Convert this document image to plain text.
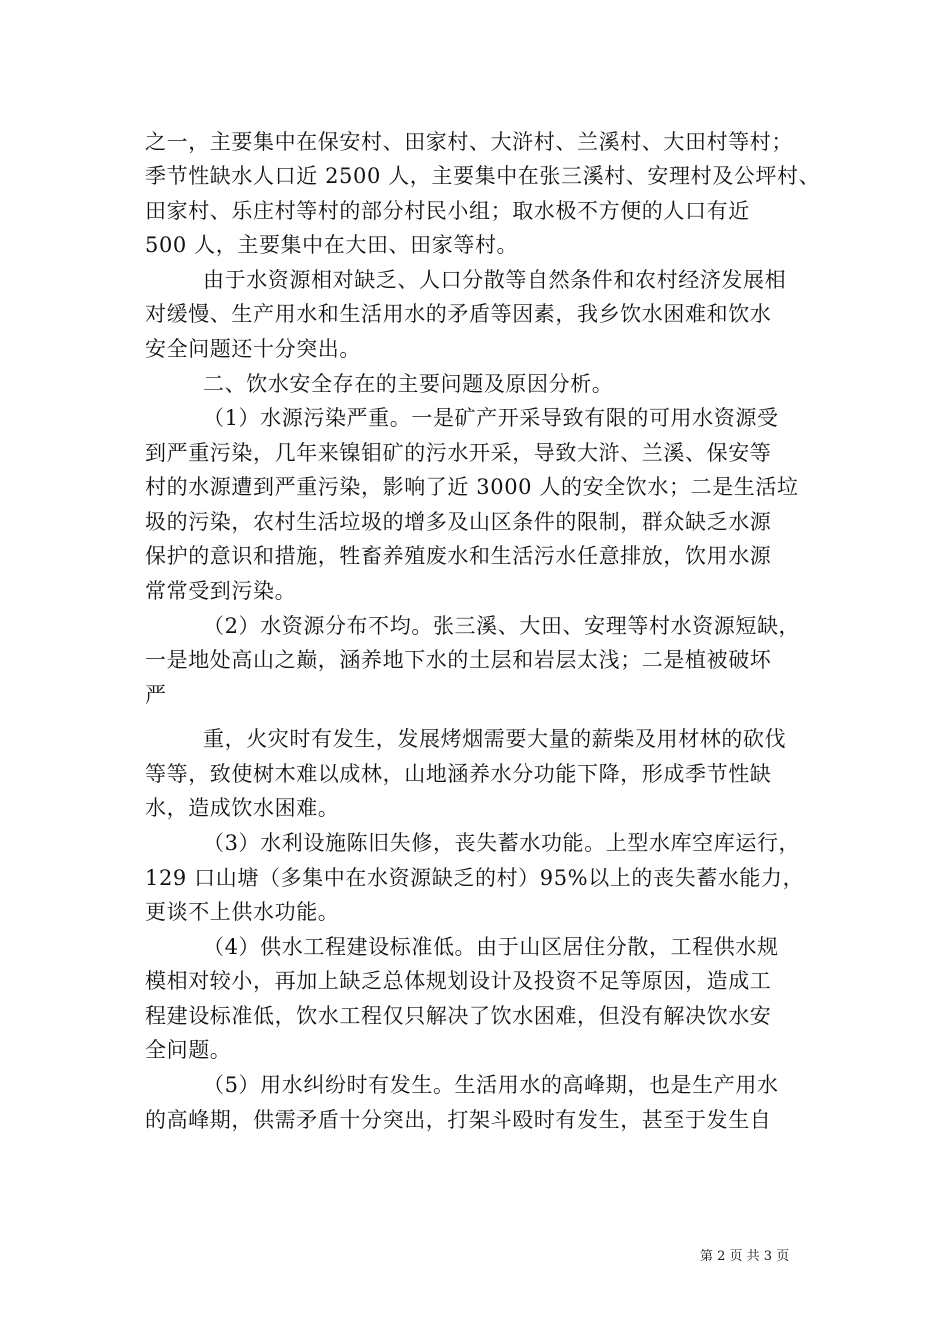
之一，主要集中在保安村、田家村、大浒村、兰溪村、大田村等村；
季节性缺水人口近 2500 人，主要集中在张三溪村、安理村及公坪村、
田家村、乐庄村等村的部分村民小组；取水极不方便的人口有近
500 人，主要集中在大田、田家等村。
由于水资源相对缺乏、人口分散等自然条件和农村经济发展相
对缓慢、生产用水和生活用水的矛盾等因素，我乡饮水困难和饮水
安全问题还十分突出。
二、饮水安全存在的主要问题及原因分析。
（1）水源污染严重。一是矿产开采导致有限的可用水资源受
到严重污染，几年来镍钼矿的污水开采，导致大浒、兰溪、保安等
村的水源遭到严重污染，影响了近 3000 人的安全饮水；二是生活垃
圾的污染，农村生活垃圾的增多及山区条件的限制，群众缺乏水源
保护的意识和措施，牲畜养殖废水和生活污水任意排放，饮用水源
常常受到污染。
（2）水资源分布不均。张三溪、大田、安理等村水资源短缺，
一是地处高山之巅，涵养地下水的土层和岩层太浅；二是植被破坏
严
重，火灾时有发生，发展烤烟需要大量的薪柴及用材林的砍伐
等等，致使树木难以成林，山地涵养水分功能下降，形成季节性缺
水，造成饮水困难。
（3）水利设施陈旧失修，丧失蓄水功能。上型水库空库运行，
129 口山塘（多集中在水资源缺乏的村）95%以上的丧失蓄水能力，
更谈不上供水功能。
（4）供水工程建设标准低。由于山区居住分散，工程供水规
模相对较小，再加上缺乏总体规划设计及投资不足等原因，造成工
程建设标准低，饮水工程仅只解决了饮水困难，但没有解决饮水安
全问题。
（5）用水纠纷时有发生。生活用水的高峰期，也是生产用水
的高峰期，供需矛盾十分突出，打架斗殴时有发生，甚至于发生自
第 2 页 共 3 页
